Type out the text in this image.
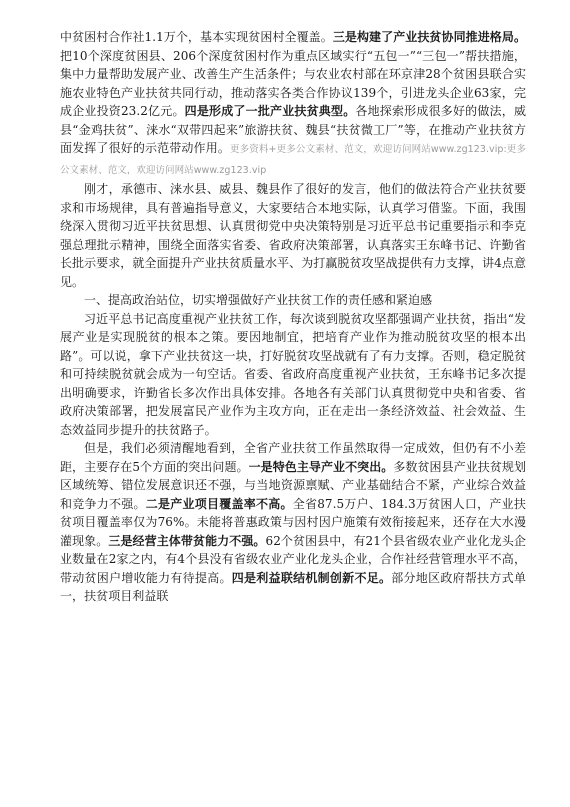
中贫困村合作社1.1万个，基本实现贫困村全覆盖。三是构建了产业扶贫协同推进格局。把10个深度贫困县、206个深度贫困村作为重点区域实行“五包一”“三包一”帮扶措施，集中力量帮助发展产业、改善生产生活条件；与农业农村部在环京津28个贫困县联合实施农业特色产业扶贫共同行动，推动落实各类合作协议139个，引进龙头企业63家，完成企业投资23.2亿元。四是形成了一批产业扶贫典型。各地探索形成很多好的做法，威县“金鸡扶贫”、涞水“双带四起来”旅游扶贫、魏县“扶贫微工厂”等，在推动产业扶贫方面发挥了很好的示范带动作用。更多资料+更多公文素材、范文，欢迎访问网站www.zg123.vip:更多公文素材、范文，欢迎访问网站www.zg123.vip

刚才，承德市、涞水县、威县、魏县作了很好的发言，他们的做法符合产业扶贫要求和市场规律，具有普遍指导意义，大家要结合本地实际，认真学习借鉴。下面，我围绕深入贯彻习近平扶贫思想、认真贯彻党中央决策特别是习近平总书记重要指示和李克强总理批示精神，围绕全面落实省委、省政府决策部署，认真落实王东峰书记、许勤省长批示要求，就全面提升产业扶贫质量水平、为打赢脱贫攻坚战提供有力支撑，讲4点意见。

一、提高政治站位，切实增强做好产业扶贫工作的责任感和紧迫感

习近平总书记高度重视产业扶贫工作，每次谈到脱贫攻坚都强调产业扶贫，指出“发展产业是实现脱贫的根本之策。要因地制宜，把培育产业作为推动脱贫攻坚的根本出路”。可以说，拿下产业扶贫这一块，打好脱贫攻坚战就有了有力支撑。否则，稳定脱贫和可持续脱贫就会成为一句空话。省委、省政府高度重视产业扶贫，王东峰书记多次提出明确要求，许勤省长多次作出具体安排。各地各有关部门认真贯彻党中央和省委、省政府决策部署，把发展富民产业作为主攻方向，正在走出一条经济效益、社会效益、生态效益同步提升的扶贫路子。

但是，我们必须清醒地看到，全省产业扶贫工作虽然取得一定成效，但仍有不小差距，主要存在5个方面的突出问题。一是特色主导产业不突出。多数贫困县产业扶贫规划区域统筹、错位发展意识还不强，与当地资源禀赋、产业基础结合不紧，产业综合效益和竞争力不强。二是产业项目覆盖率不高。全省87.5万户、184.3万贫困人口，产业扶贫项目覆盖率仅为76%。未能将普惠政策与因村因户施策有效衔接起来，还存在大水漫灌现象。三是经营主体带贫能力不强。62个贫困县中，有21个县省级农业产业化龙头企业数量在2家之内，有4个县没有省级农业产业化龙头企业，合作社经营管理水平不高，带动贫困户增收能力有待提高。四是利益联结机制创新不足。部分地区政府帮扶方式单一，扶贫项目利益联
